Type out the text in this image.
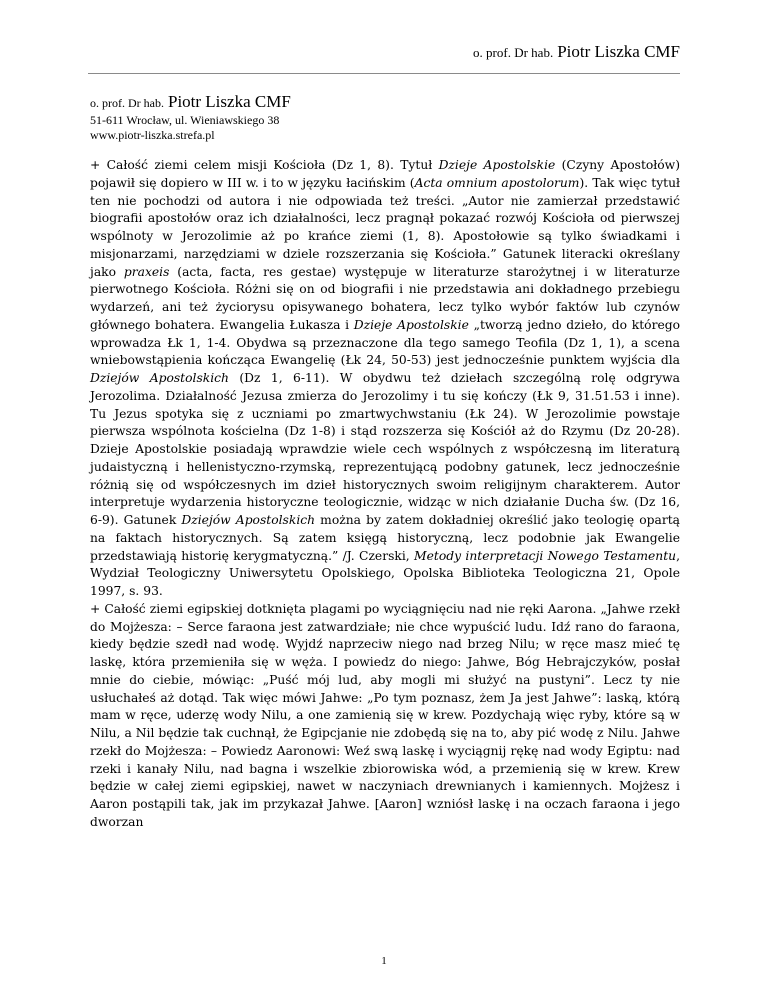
o. prof. Dr hab. Piotr Liszka CMF
o. prof. Dr hab. Piotr Liszka CMF
51-611 Wrocław, ul. Wieniawskiego 38
www.piotr-liszka.strefa.pl

+ Całość ziemi celem misji Kościoła (Dz 1, 8). Tytuł Dzieje Apostolskie (Czyny Apostołów) pojawił się dopiero w III w. i to w języku łacińskim (Acta omnium apostolorum). Tak więc tytuł ten nie pochodzi od autora i nie odpowiada też treści. „Autor nie zamierzał przedstawić biografii apostołów oraz ich działalności, lecz pragnął pokazać rozwój Kościoła od pierwszej wspólnoty w Jerozolimie aż po krańce ziemi (1, 8). Apostołowie są tylko świadkami i misjonarzami, narzędziami w dziele rozszerzania się Kościoła.” Gatunek literacki określany jako praxeis (acta, facta, res gestae) występuje w literaturze starożytnej i w literaturze pierwotnego Kościoła. Różni się on od biografii i nie przedstawia ani dokładnego przebiegu wydarzeń, ani też życiorysu opisywanego bohatera, lecz tylko wybór faktów lub czynów głównego bohatera. Ewangelia Łukasza i Dzieje Apostolskie „tworzą jedno dzieło, do którego wprowadza Łk 1, 1-4. Obydwa są przeznaczone dla tego samego Teofila (Dz 1, 1), a scena wniebowstąpienia kończąca Ewangelię (Łk 24, 50-53) jest jednocześnie punktem wyjścia dla Dziejów Apostolskich (Dz 1, 6-11). W obydwu też dziełach szczególną rolę odgrywa Jerozolima. Działalność Jezusa zmierza do Jerozolimy i tu się kończy (Łk 9, 31.51.53 i inne). Tu Jezus spotyka się z uczniami po zmartwychwstaniu (Łk 24). W Jerozolimie powstaje pierwsza wspólnota kościelna (Dz 1-8) i stąd rozszerza się Kościół aż do Rzymu (Dz 20-28). Dzieje Apostolskie posiadają wprawdzie wiele cech wspólnych z współczesną im literaturą judaistyczną i hellenistyczno-rzymską, reprezentującą podobny gatunek, lecz jednocześnie różnią się od współczesnych im dzieł historycznych swoim religijnym charakterem. Autor interpretuje wydarzenia historyczne teologicznie, widząc w nich działanie Ducha św. (Dz 16, 6-9). Gatunek Dziejów Apostolskich można by zatem dokładniej określić jako teologię opartą na faktach historycznych. Są zatem księgą historyczną, lecz podobnie jak Ewangelie przedstawiają historię kerygmatyczną.” /J. Czerski, Metody interpretacji Nowego Testamentu, Wydział Teologiczny Uniwersytetu Opolskiego, Opolska Biblioteka Teologiczna 21, Opole 1997, s. 93.

+ Całość ziemi egipskiej dotknięta plagami po wyciągnięciu nad nie ręki Aarona. „Jahwe rzekł do Mojżesza: – Serce faraona jest zatwardziałe; nie chce wypuścić ludu. Idź rano do faraona, kiedy będzie szedł nad wodę. Wyjdź naprzeciw niego nad brzeg Nilu; w ręce masz mieć tę laskę, która przemieniła się w węża. I powiedz do niego: Jahwe, Bóg Hebrajczyków, posłał mnie do ciebie, mówiąc: „Puść mój lud, aby mogli mi służyć na pustyni”. Lecz ty nie usłuchałeś aż dotąd. Tak więc mówi Jahwe: „Po tym poznasz, żem Ja jest Jahwe”: laską, którą mam w ręce, uderzę wody Nilu, a one zamienią się w krew. Pozdychają więc ryby, które są w Nilu, a Nil będzie tak cuchnął, że Egipcjanie nie zdobędą się na to, aby pić wodę z Nilu. Jahwe rzekł do Mojżesza: – Powiedz Aaronowi: Weź swą laskę i wyciągnij rękę nad wody Egiptu: nad rzeki i kanały Nilu, nad bagna i wszelkie zbiorowiska wód, a przemienią się w krew. Krew będzie w całej ziemi egipskiej, nawet w naczyniach drewnianych i kamiennych. Mojżesz i Aaron postąpili tak, jak im przykazał Jahwe. [Aaron] wzniósł laskę i na oczach faraona i jego dworzan

1
